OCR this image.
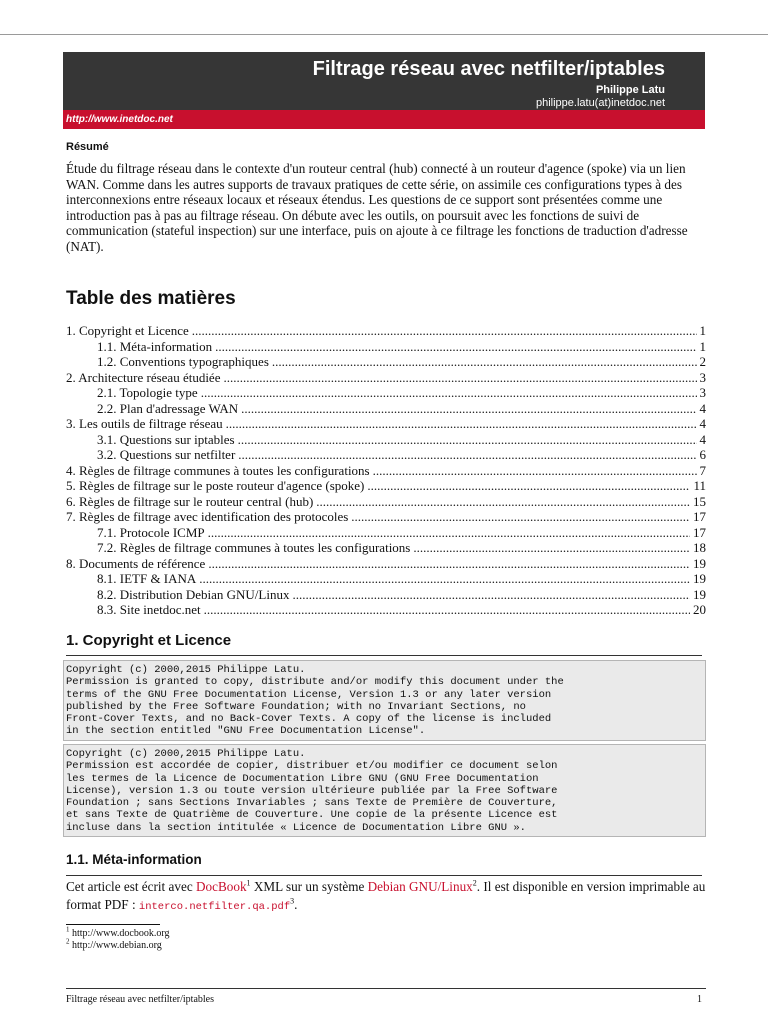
Filtrage réseau avec netfilter/iptables
Philippe Latu
philippe.latu(at)inetdoc.net
http://www.inetdoc.net
Résumé
Étude du filtrage réseau dans le contexte d'un routeur central (hub) connecté à un routeur d'agence (spoke) via un lien WAN. Comme dans les autres supports de travaux pratiques de cette série, on assimile ces configurations types à des interconnexions entre réseaux locaux et réseaux étendus. Les questions de ce support sont présentées comme une introduction pas à pas au filtrage réseau. On débute avec les outils, on poursuit avec les fonctions de suivi de communication (stateful inspection) sur une interface, puis on ajoute à ce filtrage les fonctions de traduction d'adresse (NAT).
Table des matières
1. Copyright et Licence .....	1
1.1. Méta-information .....	1
1.2. Conventions typographiques .....	2
2. Architecture réseau étudiée .....	3
2.1. Topologie type .....	3
2.2. Plan d'adressage WAN .....	4
3. Les outils de filtrage réseau .....	4
3.1. Questions sur iptables .....	4
3.2. Questions sur netfilter .....	6
4. Règles de filtrage communes à toutes les configurations .....	7
5. Règles de filtrage sur le poste routeur d'agence (spoke) .....	11
6. Règles de filtrage sur le routeur central (hub) .....	15
7. Règles de filtrage avec identification des protocoles .....	17
7.1. Protocole ICMP .....	17
7.2. Règles de filtrage communes à toutes les configurations .....	18
8. Documents de référence .....	19
8.1. IETF & IANA .....	19
8.2. Distribution Debian GNU/Linux .....	19
8.3. Site inetdoc.net .....	20
1. Copyright et Licence
Copyright (c) 2000,2015 Philippe Latu.
Permission is granted to copy, distribute and/or modify this document under the
terms of the GNU Free Documentation License, Version 1.3 or any later version
published by the Free Software Foundation; with no Invariant Sections, no
Front-Cover Texts, and no Back-Cover Texts. A copy of the license is included
in the section entitled "GNU Free Documentation License".
Copyright (c) 2000,2015 Philippe Latu.
Permission est accordée de copier, distribuer et/ou modifier ce document selon
les termes de la Licence de Documentation Libre GNU (GNU Free Documentation
License), version 1.3 ou toute version ultérieure publiée par la Free Software
Foundation ; sans Sections Invariables ; sans Texte de Première de Couverture,
et sans Texte de Quatrième de Couverture. Une copie de la présente Licence est
incluse dans la section intitulée « Licence de Documentation Libre GNU ».
1.1. Méta-information
Cet article est écrit avec DocBook$^1$ XML sur un système Debian GNU/Linux$^2$. Il est disponible en version imprimable au format PDF : interco.netfilter.qa.pdf$^3$.
$^1$ http://www.docbook.org
$^2$ http://www.debian.org
Filtrage réseau avec netfilter/iptables	1
